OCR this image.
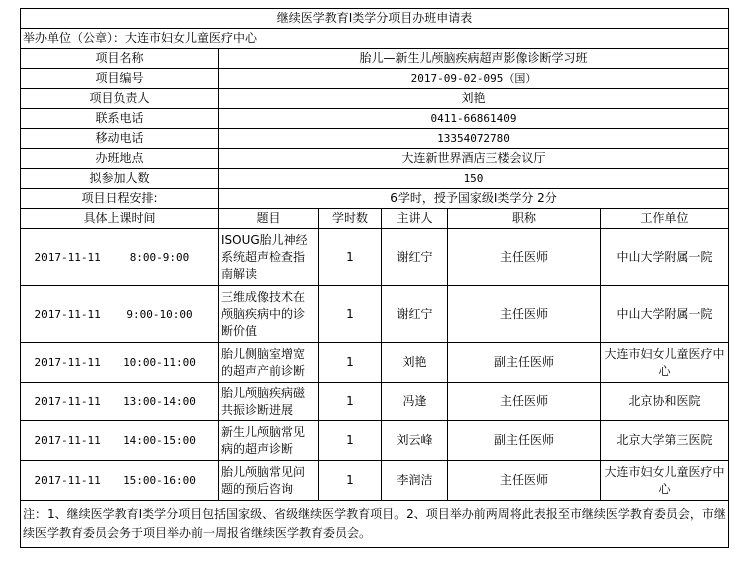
继续医学教育Ⅰ类学分项目办班申请表					
举办单位（公章）：大连市妇女儿童医疗中心					
项目名称	胎儿—新生儿颅脑疾病超声影像诊断学习班				
项目编号	2017-09-02-095（国）				
项目负责人	刘艳				
联系电话	0411-66861409				
移动电话	13354072780				
办班地点	大连新世界酒店三楼会议厅				
拟参加人数	150				
项目日程安排:	6学时，授予国家级Ⅰ类学分 2分				
具体上课时间	题目	学时数	主讲人	职称	工作单位
2017-11-11 8:00-9:00	ISOUG胎儿神经系统超声检查指南解读	1	谢红宁	主任医师	中山大学附属一院
2017-11-11 9:00-10:00	三维成像技术在颅脑疾病中的诊断价值	1	谢红宁	主任医师	中山大学附属一院
2017-11-11 10:00-11:00	胎儿侧脑室增宽的超声产前诊断	1	刘艳	副主任医师	大连市妇女儿童医疗中心
2017-11-11 13:00-14:00	胎儿颅脑疾病磁共振诊断进展	1	冯逢	主任医师	北京协和医院
2017-11-11 14:00-15:00	新生儿颅脑常见病的超声诊断	1	刘云峰	副主任医师	北京大学第三医院
2017-11-11 15:00-16:00	胎儿颅脑常见问题的预后咨询	1	李润洁	主任医师	大连市妇女儿童医疗中心
注：1、继续医学教育Ⅰ类学分项目包括国家级、省级继续医学教育项目。2、项目举办前两周将此表报至市继续医学教育委员会，市继续医学教育委员会务于项目举办前一周报省继续医学教育委员会。					
